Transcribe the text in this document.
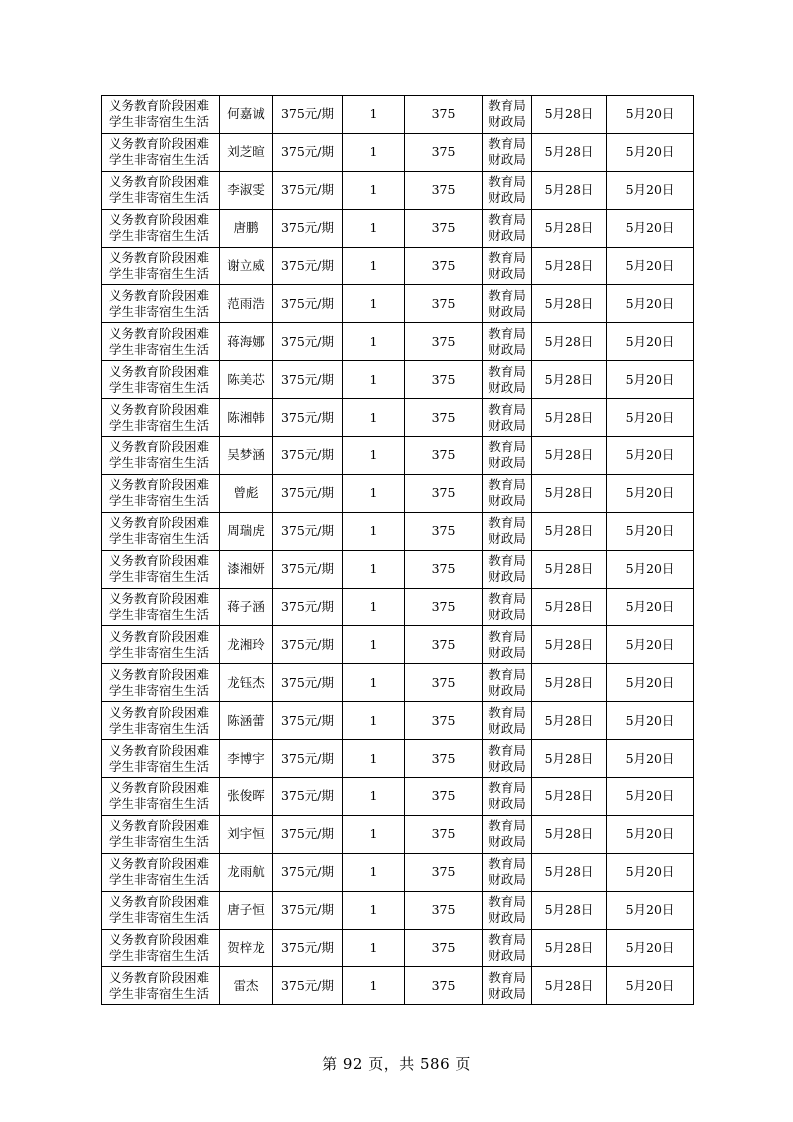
义务教育阶段困难学生非寄宿生生活	何嘉诚	375元/期	1	375	教育局财政局	5月28日	5月20日
义务教育阶段困难学生非寄宿生生活	刘芝暄	375元/期	1	375	教育局财政局	5月28日	5月20日
义务教育阶段困难学生非寄宿生生活	李淑雯	375元/期	1	375	教育局财政局	5月28日	5月20日
义务教育阶段困难学生非寄宿生生活	唐鹏	375元/期	1	375	教育局财政局	5月28日	5月20日
义务教育阶段困难学生非寄宿生生活	谢立威	375元/期	1	375	教育局财政局	5月28日	5月20日
义务教育阶段困难学生非寄宿生生活	范雨浩	375元/期	1	375	教育局财政局	5月28日	5月20日
义务教育阶段困难学生非寄宿生生活	蒋海娜	375元/期	1	375	教育局财政局	5月28日	5月20日
义务教育阶段困难学生非寄宿生生活	陈美芯	375元/期	1	375	教育局财政局	5月28日	5月20日
义务教育阶段困难学生非寄宿生生活	陈湘韩	375元/期	1	375	教育局财政局	5月28日	5月20日
义务教育阶段困难学生非寄宿生生活	吴梦涵	375元/期	1	375	教育局财政局	5月28日	5月20日
义务教育阶段困难学生非寄宿生生活	曾彪	375元/期	1	375	教育局财政局	5月28日	5月20日
义务教育阶段困难学生非寄宿生生活	周瑞虎	375元/期	1	375	教育局财政局	5月28日	5月20日
义务教育阶段困难学生非寄宿生生活	漆湘妍	375元/期	1	375	教育局财政局	5月28日	5月20日
义务教育阶段困难学生非寄宿生生活	蒋子涵	375元/期	1	375	教育局财政局	5月28日	5月20日
义务教育阶段困难学生非寄宿生生活	龙湘玲	375元/期	1	375	教育局财政局	5月28日	5月20日
义务教育阶段困难学生非寄宿生生活	龙钰杰	375元/期	1	375	教育局财政局	5月28日	5月20日
义务教育阶段困难学生非寄宿生生活	陈涵蕾	375元/期	1	375	教育局财政局	5月28日	5月20日
义务教育阶段困难学生非寄宿生生活	李博宇	375元/期	1	375	教育局财政局	5月28日	5月20日
义务教育阶段困难学生非寄宿生生活	张俊晖	375元/期	1	375	教育局财政局	5月28日	5月20日
义务教育阶段困难学生非寄宿生生活	刘宇恒	375元/期	1	375	教育局财政局	5月28日	5月20日
义务教育阶段困难学生非寄宿生生活	龙雨航	375元/期	1	375	教育局财政局	5月28日	5月20日
义务教育阶段困难学生非寄宿生生活	唐子恒	375元/期	1	375	教育局财政局	5月28日	5月20日
义务教育阶段困难学生非寄宿生生活	贺梓龙	375元/期	1	375	教育局财政局	5月28日	5月20日
义务教育阶段困难学生非寄宿生生活	雷杰	375元/期	1	375	教育局财政局	5月28日	5月20日
第 92 页，共 586 页
